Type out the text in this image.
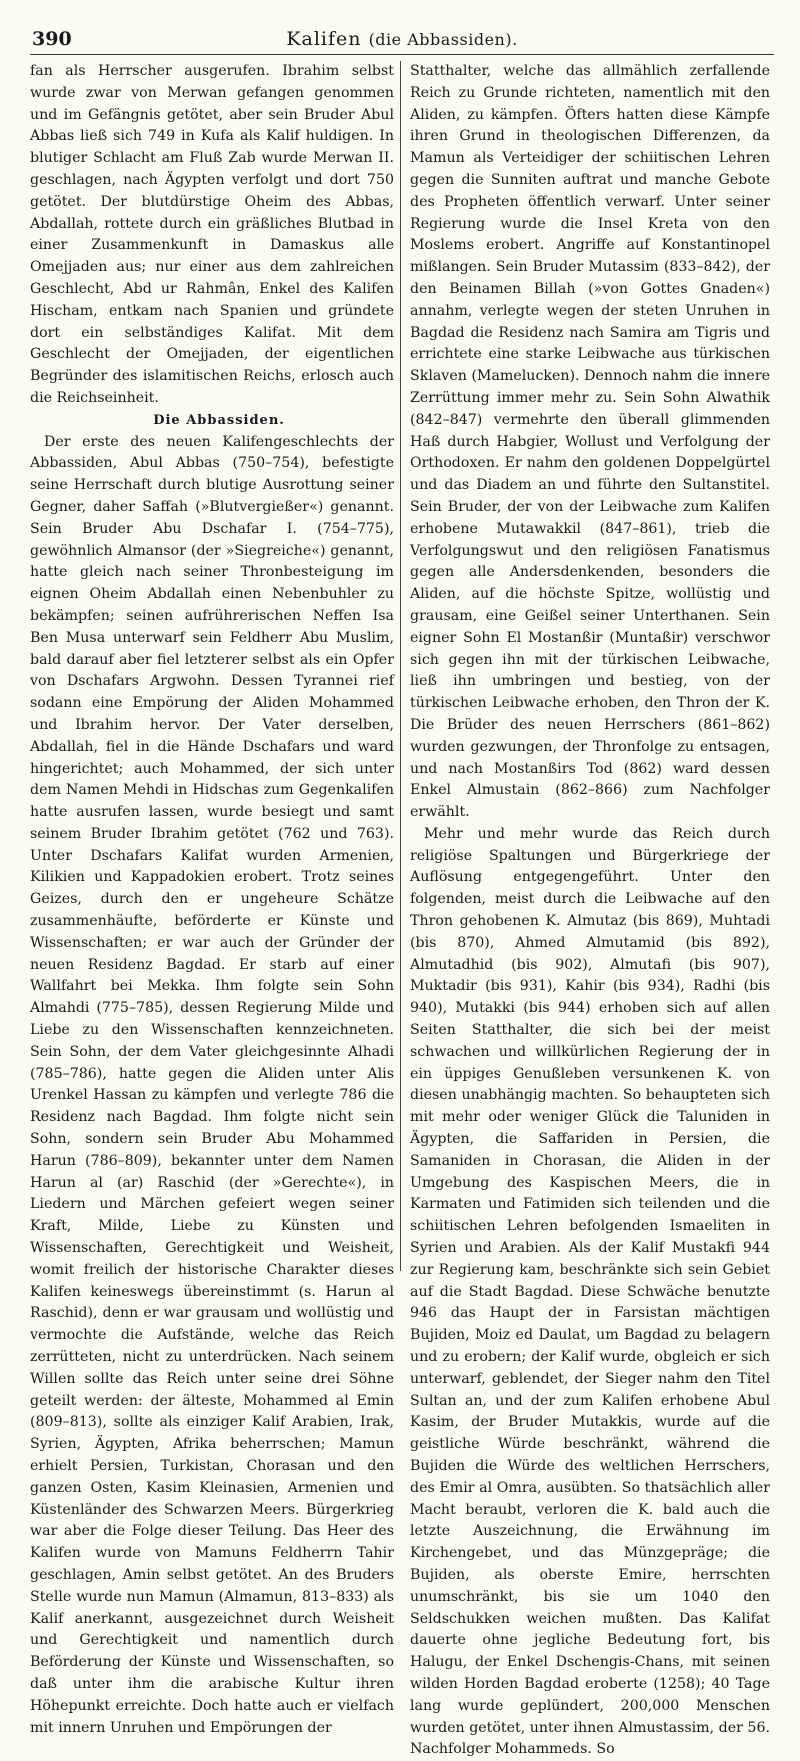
390	Kalifen (die Abbassiden).

fan als Herrscher ausgerufen. Ibrahim selbst wurde zwar von Merwan gefangen genommen und im Gefängnis getötet, aber sein Bruder Abul Abbas ließ sich 749 in Kufa als Kalif huldigen. In blutiger Schlacht am Fluß Zab wurde Merwan II. geschlagen, nach Ägypten verfolgt und dort 750 getötet. Der blutdürstige Oheim des Abbas, Abdallah, rottete durch ein gräßliches Blutbad in einer Zusammenkunft in Damaskus alle Omejjaden aus; nur einer aus dem zahlreichen Geschlecht, Abd ur Rahmân, Enkel des Kalifen Hischam, entkam nach Spanien und gründete dort ein selbständiges Kalifat. Mit dem Geschlecht der Omejjaden, der eigentlichen Begründer des islamitischen Reichs, erlosch auch die Reichseinheit.

Die Abbassiden.

Der erste des neuen Kalifengeschlechts der Abbassiden, Abul Abbas (750–754), befestigte seine Herrschaft durch blutige Ausrottung seiner Gegner, daher Saffah (»Blutvergießer«) genannt. Sein Bruder Abu Dschafar I. (754–775), gewöhnlich Almansor (der »Siegreiche«) genannt, hatte gleich nach seiner Thronbesteigung im eignen Oheim Abdallah einen Nebenbuhler zu bekämpfen; seinen aufrührerischen Neffen Isa Ben Musa unterwarf sein Feldherr Abu Muslim, bald darauf aber fiel letzterer selbst als ein Opfer von Dschafars Argwohn. Dessen Tyrannei rief sodann eine Empörung der Aliden Mohammed und Ibrahim hervor. Der Vater derselben, Abdallah, fiel in die Hände Dschafars und ward hingerichtet; auch Mohammed, der sich unter dem Namen Mehdi in Hidschas zum Gegenkalifen hatte ausrufen lassen, wurde besiegt und samt seinem Bruder Ibrahim getötet (762 und 763). Unter Dschafars Kalifat wurden Armenien, Kilikien und Kappadokien erobert. Trotz seines Geizes, durch den er ungeheure Schätze zusammenhäufte, beförderte er Künste und Wissenschaften; er war auch der Gründer der neuen Residenz Bagdad. Er starb auf einer Wallfahrt bei Mekka. Ihm folgte sein Sohn Almahdi (775–785), dessen Regierung Milde und Liebe zu den Wissenschaften kennzeichneten. Sein Sohn, der dem Vater gleichgesinnte Alhadi (785–786), hatte gegen die Aliden unter Alis Urenkel Hassan zu kämpfen und verlegte 786 die Residenz nach Bagdad. Ihm folgte nicht sein Sohn, sondern sein Bruder Abu Mohammed Harun (786–809), bekannter unter dem Namen Harun al (ar) Raschid (der »Gerechte«), in Liedern und Märchen gefeiert wegen seiner Kraft, Milde, Liebe zu Künsten und Wissenschaften, Gerechtigkeit und Weisheit, womit freilich der historische Charakter dieses Kalifen keineswegs übereinstimmt (s. Harun al Raschid), denn er war grausam und wollüstig und vermochte die Aufstände, welche das Reich zerrütteten, nicht zu unterdrücken. Nach seinem Willen sollte das Reich unter seine drei Söhne geteilt werden: der älteste, Mohammed al Emin (809–813), sollte als einziger Kalif Arabien, Irak, Syrien, Ägypten, Afrika beherrschen; Mamun erhielt Persien, Turkistan, Chorasan und den ganzen Osten, Kasim Kleinasien, Armenien und Küstenländer des Schwarzen Meers. Bürgerkrieg war aber die Folge dieser Teilung. Das Heer des Kalifen wurde von Mamuns Feldherrn Tahir geschlagen, Amin selbst getötet. An des Bruders Stelle wurde nun Mamun (Almamun, 813–833) als Kalif anerkannt, ausgezeichnet durch Weisheit und Gerechtigkeit und namentlich durch Beförderung der Künste und Wissenschaften, so daß unter ihm die arabische Kultur ihren Höhepunkt erreichte. Doch hatte auch er vielfach mit innern Unruhen und Empörungen der

Statthalter, welche das allmählich zerfallende Reich zu Grunde richteten, namentlich mit den Aliden, zu kämpfen. Öfters hatten diese Kämpfe ihren Grund in theologischen Differenzen, da Mamun als Verteidiger der schiitischen Lehren gegen die Sunniten auftrat und manche Gebote des Propheten öffentlich verwarf. Unter seiner Regierung wurde die Insel Kreta von den Moslems erobert. Angriffe auf Konstantinopel mißlangen. Sein Bruder Mutassim (833–842), der den Beinamen Billah (»von Gottes Gnaden«) annahm, verlegte wegen der steten Unruhen in Bagdad die Residenz nach Samira am Tigris und errichtete eine starke Leibwache aus türkischen Sklaven (Mamelucken). Dennoch nahm die innere Zerrüttung immer mehr zu. Sein Sohn Alwathik (842–847) vermehrte den überall glimmenden Haß durch Habgier, Wollust und Verfolgung der Orthodoxen. Er nahm den goldenen Doppelgürtel und das Diadem an und führte den Sultanstitel. Sein Bruder, der von der Leibwache zum Kalifen erhobene Mutawakkil (847–861), trieb die Verfolgungswut und den religiösen Fanatismus gegen alle Andersdenkenden, besonders die Aliden, auf die höchste Spitze, wollüstig und grausam, eine Geißel seiner Unterthanen. Sein eigner Sohn El Mostanßir (Muntaßir) verschwor sich gegen ihn mit der türkischen Leibwache, ließ ihn umbringen und bestieg, von der türkischen Leibwache erhoben, den Thron der K. Die Brüder des neuen Herrschers (861–862) wurden gezwungen, der Thronfolge zu entsagen, und nach Mostanßirs Tod (862) ward dessen Enkel Almustain (862–866) zum Nachfolger erwählt.

Mehr und mehr wurde das Reich durch religiöse Spaltungen und Bürgerkriege der Auflösung entgegengeführt. Unter den folgenden, meist durch die Leibwache auf den Thron gehobenen K. Almutaz (bis 869), Muhtadi (bis 870), Ahmed Almutamid (bis 892), Almutadhid (bis 902), Almutafi (bis 907), Muktadir (bis 931), Kahir (bis 934), Radhi (bis 940), Mutakki (bis 944) erhoben sich auf allen Seiten Statthalter, die sich bei der meist schwachen und willkürlichen Regierung der in ein üppiges Genußleben versunkenen K. von diesen unabhängig machten. So behaupteten sich mit mehr oder weniger Glück die Taluniden in Ägypten, die Saffariden in Persien, die Samaniden in Chorasan, die Aliden in der Umgebung des Kaspischen Meers, die in Karmaten und Fatimiden sich teilenden und die schiitischen Lehren befolgenden Ismaeliten in Syrien und Arabien. Als der Kalif Mustakfi 944 zur Regierung kam, beschränkte sich sein Gebiet auf die Stadt Bagdad. Diese Schwäche benutzte 946 das Haupt der in Farsistan mächtigen Bujiden, Moiz ed Daulat, um Bagdad zu belagern und zu erobern; der Kalif wurde, obgleich er sich unterwarf, geblendet, der Sieger nahm den Titel Sultan an, und der zum Kalifen erhobene Abul Kasim, der Bruder Mutakkis, wurde auf die geistliche Würde beschränkt, während die Bujiden die Würde des weltlichen Herrschers, des Emir al Omra, ausübten. So thatsächlich aller Macht beraubt, verloren die K. bald auch die letzte Auszeichnung, die Erwähnung im Kirchengebet, und das Münzgepräge; die Bujiden, als oberste Emire, herrschten unumschränkt, bis sie um 1040 den Seldschukken weichen mußten. Das Kalifat dauerte ohne jegliche Bedeutung fort, bis Halugu, der Enkel Dschengis-Chans, mit seinen wilden Horden Bagdad eroberte (1258); 40 Tage lang wurde geplündert, 200,000 Menschen wurden getötet, unter ihnen Almustassim, der 56. Nachfolger Mohammeds. So
